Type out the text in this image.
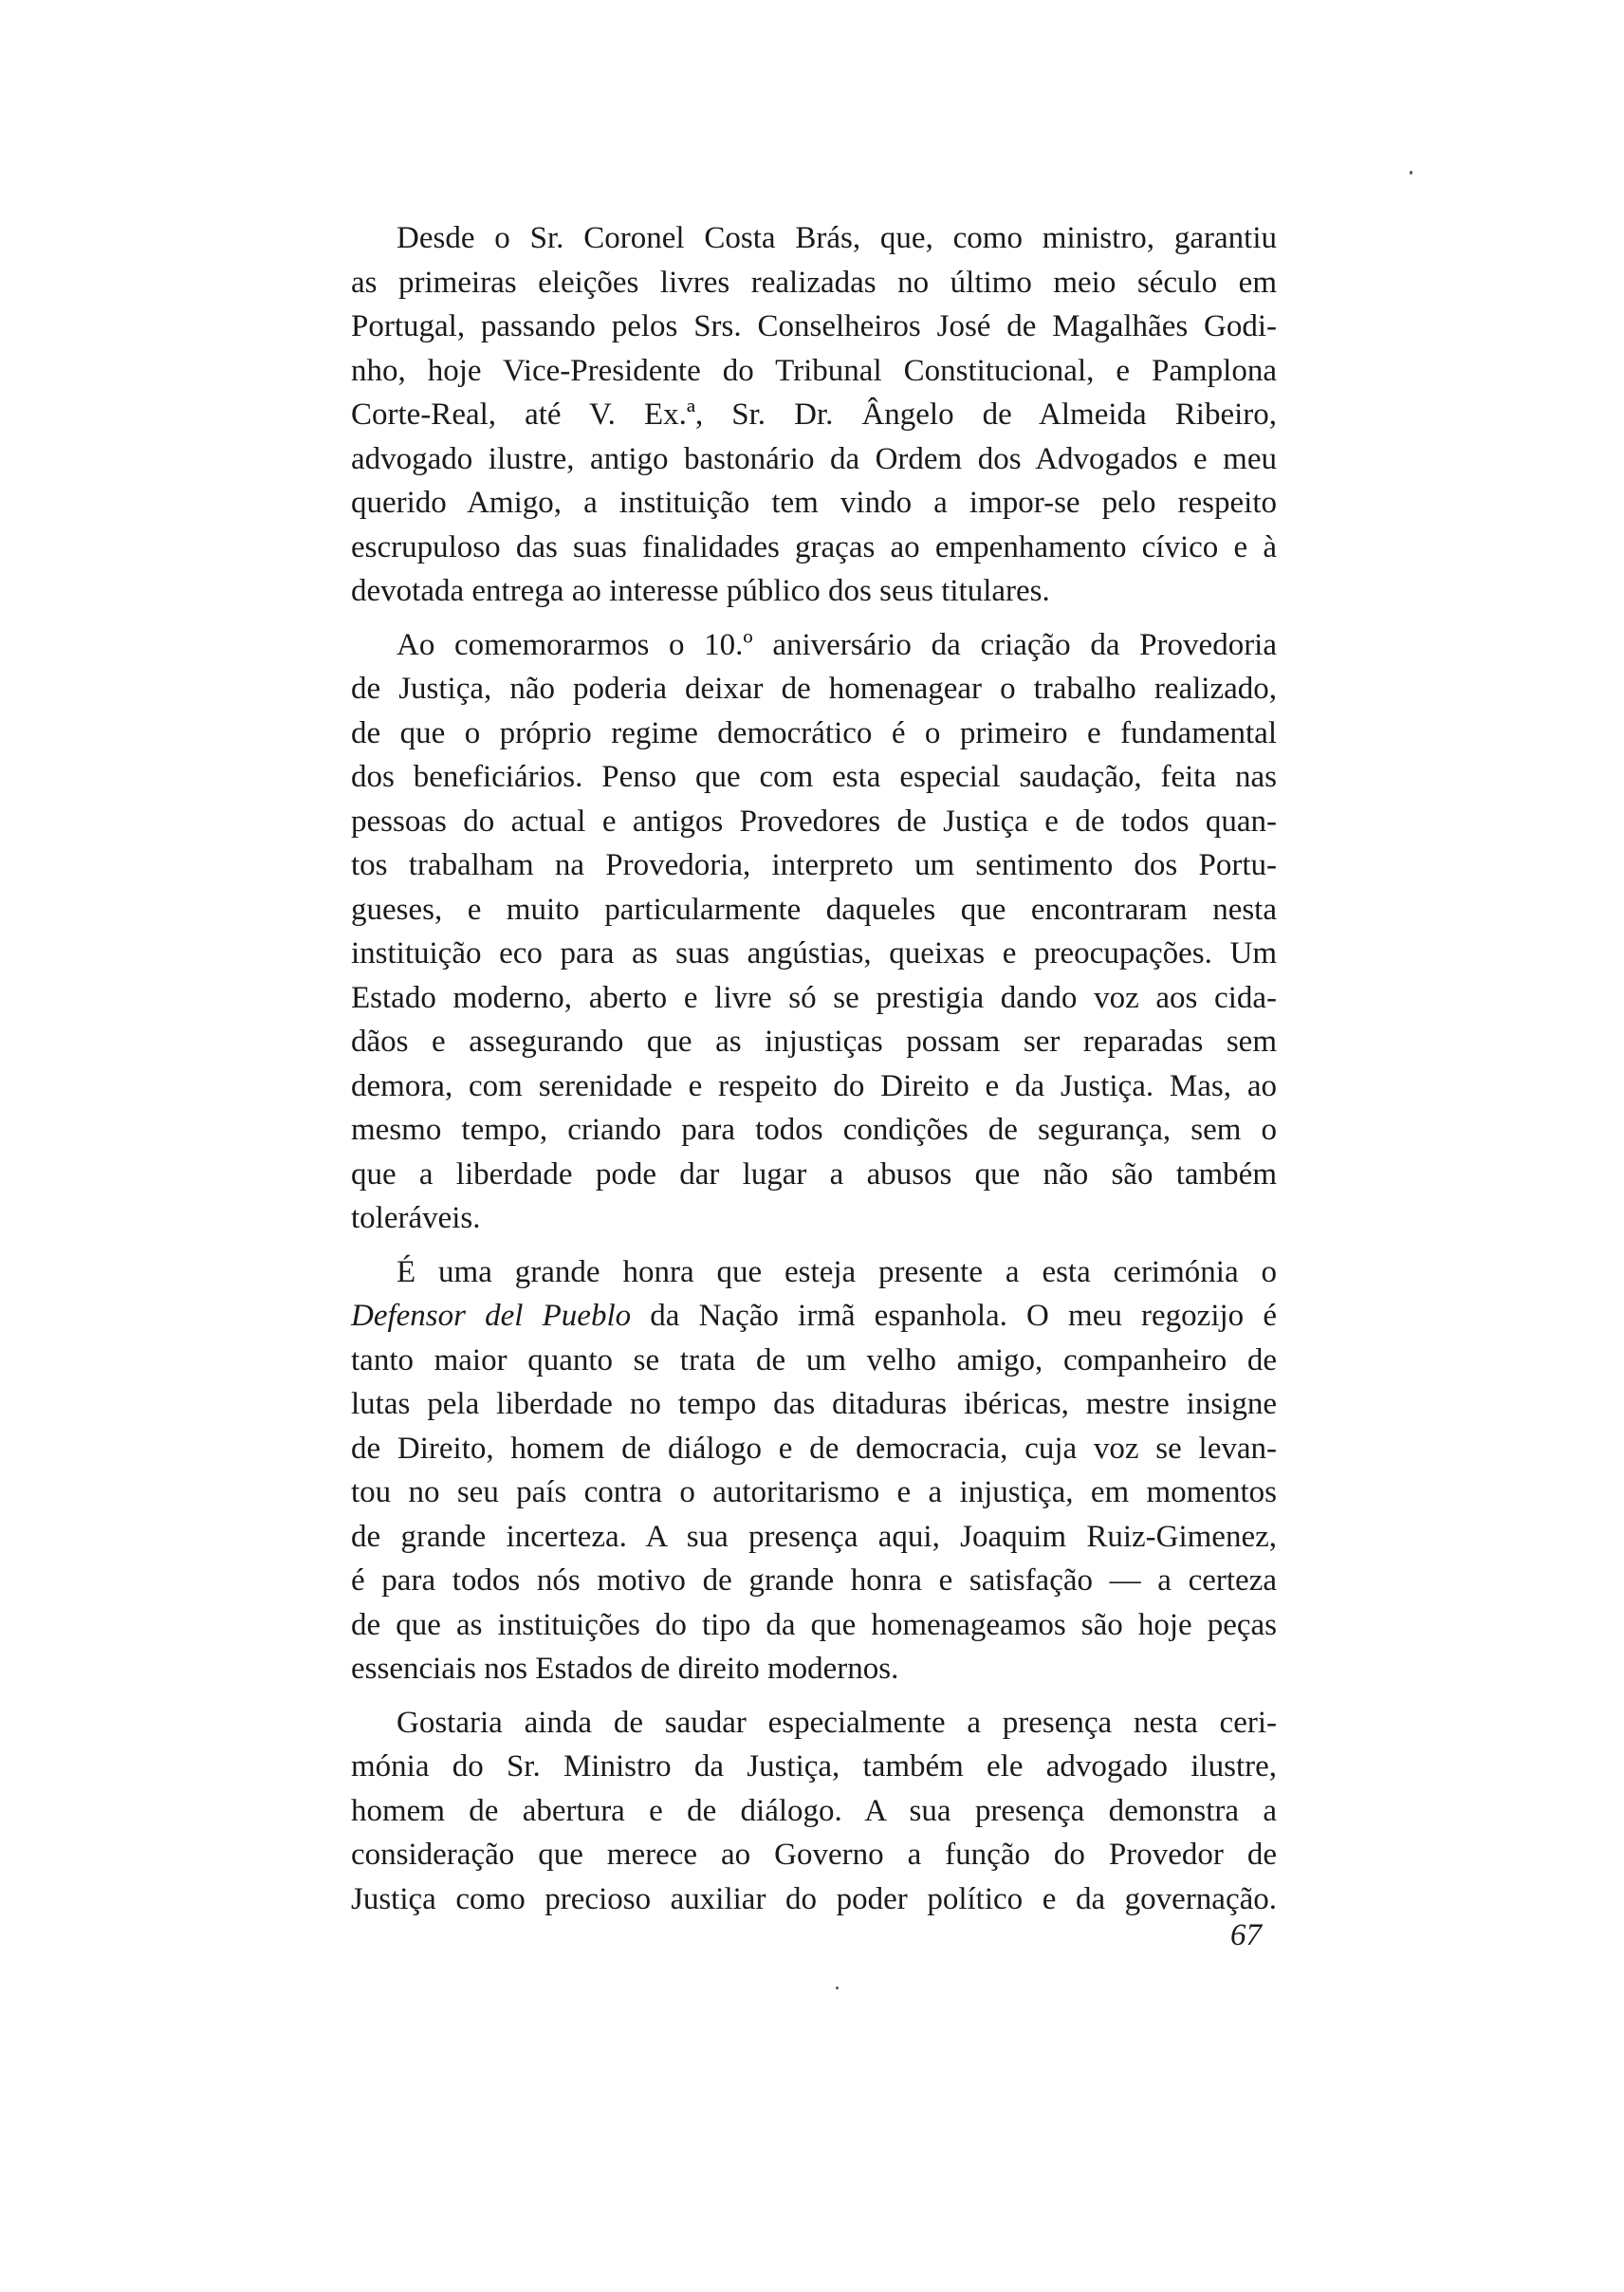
Desde o Sr. Coronel Costa Brás, que, como ministro, garantiu
as primeiras eleições livres realizadas no último meio século em
Portugal, passando pelos Srs. Conselheiros José de Magalhães Godi-
nho, hoje Vice-Presidente do Tribunal Constitucional, e Pamplona
Corte-Real, até V. Ex.ª, Sr. Dr. Ângelo de Almeida Ribeiro,
advogado ilustre, antigo bastonário da Ordem dos Advogados e meu
querido Amigo, a instituição tem vindo a impor-se pelo respeito
escrupuloso das suas finalidades graças ao empenhamento cívico e à
devotada entrega ao interesse público dos seus titulares.
Ao comemorarmos o 10.º aniversário da criação da Provedoria
de Justiça, não poderia deixar de homenagear o trabalho realizado,
de que o próprio regime democrático é o primeiro e fundamental
dos beneficiários. Penso que com esta especial saudação, feita nas
pessoas do actual e antigos Provedores de Justiça e de todos quan-
tos trabalham na Provedoria, interpreto um sentimento dos Portu-
gueses, e muito particularmente daqueles que encontraram nesta
instituição eco para as suas angústias, queixas e preocupações. Um
Estado moderno, aberto e livre só se prestigia dando voz aos cida-
dãos e assegurando que as injustiças possam ser reparadas sem
demora, com serenidade e respeito do Direito e da Justiça. Mas, ao
mesmo tempo, criando para todos condições de segurança, sem o
que a liberdade pode dar lugar a abusos que não são também
toleráveis.
É uma grande honra que esteja presente a esta cerimónia o
Defensor del Pueblo da Nação irmã espanhola. O meu regozijo é
tanto maior quanto se trata de um velho amigo, companheiro de
lutas pela liberdade no tempo das ditaduras ibéricas, mestre insigne
de Direito, homem de diálogo e de democracia, cuja voz se levan-
tou no seu país contra o autoritarismo e a injustiça, em momentos
de grande incerteza. A sua presença aqui, Joaquim Ruiz-Gimenez,
é para todos nós motivo de grande honra e satisfação — a certeza
de que as instituições do tipo da que homenageamos são hoje peças
essenciais nos Estados de direito modernos.
Gostaria ainda de saudar especialmente a presença nesta ceri-
mónia do Sr. Ministro da Justiça, também ele advogado ilustre,
homem de abertura e de diálogo. A sua presença demonstra a
consideração que merece ao Governo a função do Provedor de
Justiça como precioso auxiliar do poder político e da governação.
67
